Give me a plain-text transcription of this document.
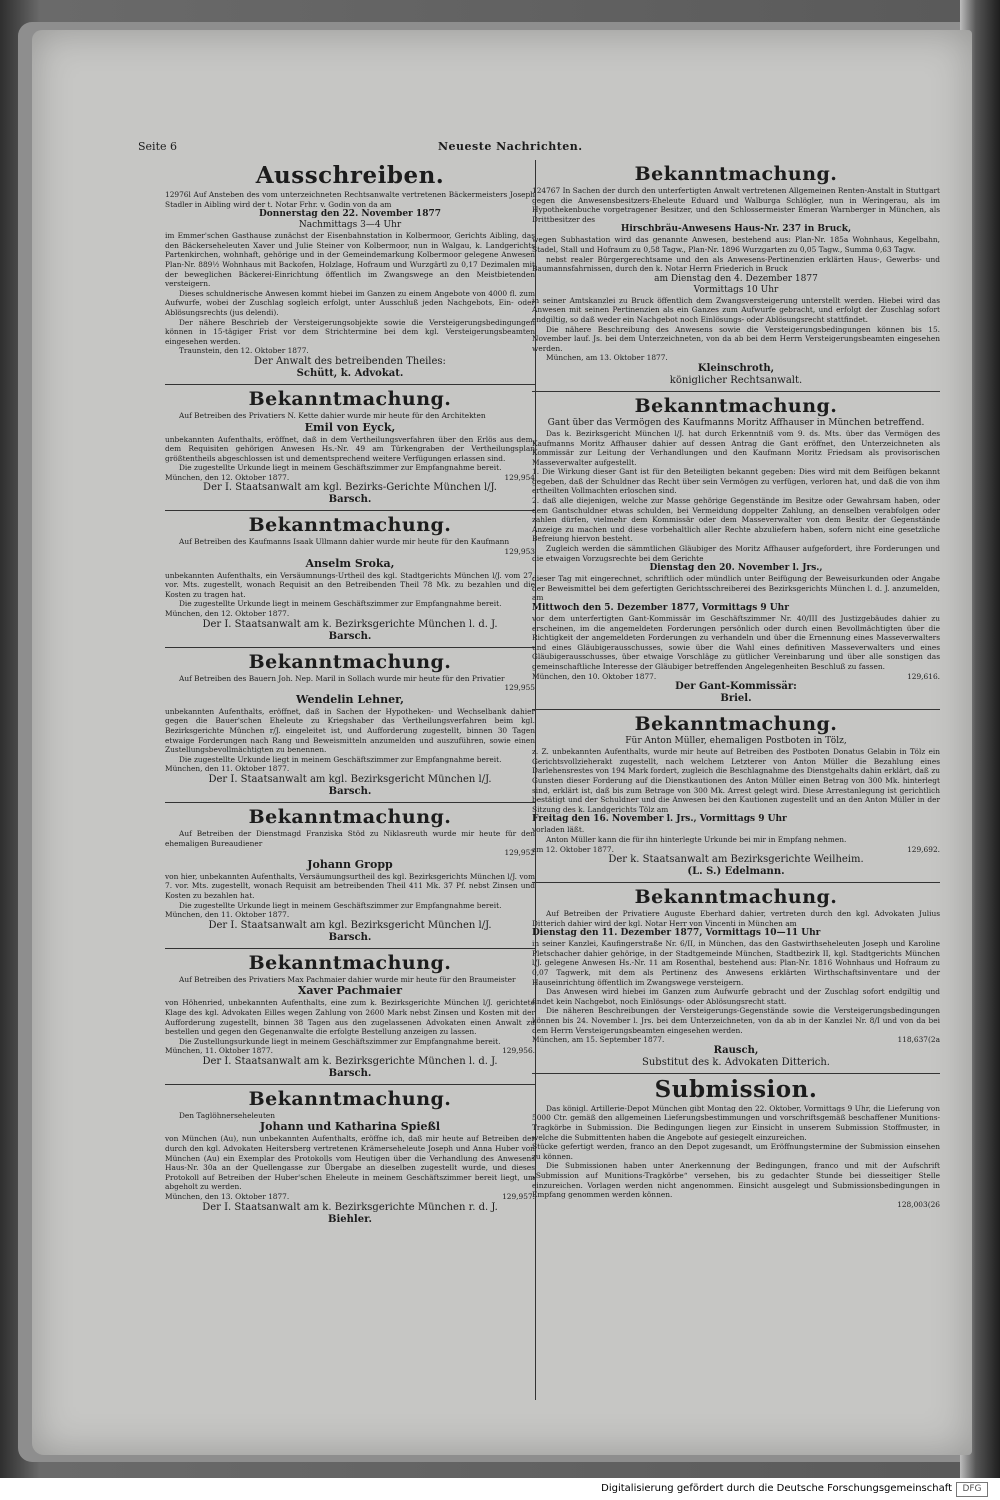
Seite 6	Neueste Nachrichten.
Ausschreiben.

12976l Auf Ansteben des vom unterzeichneten Rechtsanwalte vertretenen Bäckermeisters Joseph Stadler in Aibling wird der t. Notar Frhr. v. Godin von da am

Donnerstag den 22. November 1877

Nachmittags 3—4 Uhr

im Emmer'schen Gasthause zunächst der Eisenbahnstation in Kolbermoor, Gerichts Aibling, das den Bäckerseheleuten Xaver und Julie Steiner von Kolbermoor, nun in Walgau, k. Landgerichts Partenkirchen, wohnhaft, gehörige und in der Gemeindemarkung Kolbermoor gelegene Anwesen Plan-Nr. 889½ Wohnhaus mit Backofen, Holzlage, Hofraum und Wurzgärtl zu 0,17 Dezimalen mit der beweglichen Bäckerei-Einrichtung öffentlich im Zwangswege an den Meistbietenden versteigern.

Dieses schuldnerische Anwesen kommt hiebei im Ganzen zu einem Angebote von 4000 fl. zum Aufwurfe, wobei der Zuschlag sogleich erfolgt, unter Ausschluß jeden Nachgebots, Ein- oder Ablösungsrechts (jus delendi).

Der nähere Beschrieb der Versteigerungsobjekte sowie die Versteigerungsbedingungen können in 15-tägiger Frist vor dem Strichtermine bei dem kgl. Versteigerungsbeamten eingesehen werden.

Traunstein, den 12. Oktober 1877.

Der Anwalt des betreibenden Theiles:
Schütt, k. Advokat.
Bekanntmachung.

Auf Betreiben des Privatiers N. Kette dahier wurde mir heute für den Architekten

Emil von Eyck,

unbekannten Aufenthalts, eröffnet, daß in dem Vertheilungsverfahren über den Erlös aus dem, dem Requisiten gehörigen Anwesen Hs.-Nr. 49 am Türkengraben der Vertheilungsplan größtentheils abgeschlossen ist und dementsprechend weitere Verfügungen erlassen sind.

Die zugestellte Urkunde liegt in meinem Geschäftszimmer zur Empfangnahme bereit.

München, den 12. Oktober 1877.	129,954
Der I. Staatsanwalt am kgl. Bezirks-Gerichte München l/J.
Barsch.
Bekanntmachung.

Auf Betreiben des Kaufmanns Isaak Ullmann dahier wurde mir heute für den Kaufmann

129,953
Anselm Sroka,

unbekannten Aufenthalts, ein Versäumnungs-Urtheil des kgl. Stadtgerichts München l/J. vom 27. vor. Mts. zugestellt, wonach Requisit an den Betreibenden Theil 78 Mk. zu bezahlen und die Kosten zu tragen hat.

Die zugestellte Urkunde liegt in meinem Geschäftszimmer zur Empfangnahme bereit.

München, den 12. Oktober 1877.
Der I. Staatsanwalt am k. Bezirksgerichte München l. d. J.
Barsch.
Bekanntmachung.

Auf Betreiben des Bauern Joh. Nep. Maril in Sollach wurde mir heute für den Privatier

129,955
Wendelin Lehner,

unbekannten Aufenthalts, eröffnet, daß in Sachen der Hypotheken- und Wechselbank dahier gegen die Bauer'schen Eheleute zu Kriegshaber das Vertheilungsverfahren beim kgl. Bezirksgerichte München r/J. eingeleitet ist, und Aufforderung zugestellt, binnen 30 Tagen etwaige Forderungen nach Rang und Beweismitteln anzumelden und auszuführen, sowie einen Zustellungsbevollmächtigten zu benennen.

Die zugestellte Urkunde liegt in meinem Geschäftszimmer zur Empfangnahme bereit.

München, den 11. Oktober 1877.
Der I. Staatsanwalt am kgl. Bezirksgericht München l/J.
Barsch.
Bekanntmachung.

Auf Betreiben der Dienstmagd Franziska Stöd zu Niklasreuth wurde mir heute für den ehemaligen Bureaudiener

129,952
Johann Gropp

von hier, unbekannten Aufenthalts, Versäumungsurtheil des kgl. Bezirksgerichts München l/J. vom 7. vor. Mts. zugestellt, wonach Requisit am betreibenden Theil 411 Mk. 37 Pf. nebst Zinsen und Kosten zu bezahlen hat.

Die zugestellte Urkunde liegt in meinem Geschäftszimmer zur Empfangnahme bereit.

München, den 11. Oktober 1877.
Der I. Staatsanwalt am kgl. Bezirksgericht München l/J.
Barsch.
Bekanntmachung.

Auf Betreiben des Privatiers Max Pachmaier dahier wurde mir heute für den Braumeister

Xaver Pachmaier

von Höhenried, unbekannten Aufenthalts, eine zum k. Bezirksgerichte München l/J. gerichtete Klage des kgl. Advokaten Eilles wegen Zahlung von 2600 Mark nebst Zinsen und Kosten mit der Aufforderung zugestellt, binnen 38 Tagen aus den zugelassenen Advokaten einen Anwalt zu bestellen und gegen den Gegenanwalte die erfolgte Bestellung anzeigen zu lassen.

Die Zustellungsurkunde liegt in meinem Geschäftszimmer zur Empfangnahme bereit.

München, 11. Oktober 1877.	129,956.
Der I. Staatsanwalt am k. Bezirksgerichte München l. d. J.
Barsch.
Bekanntmachung.

Den Taglöhnerseheleuten

Johann und Katharina Spießl

von München (Au), nun unbekannten Aufenthalts, eröffne ich, daß mir heute auf Betreiben der durch den kgl. Advokaten Heitersberg vertretenen Krämerseheleute Joseph und Anna Huber von München (Au) ein Exemplar des Protokolls vom Heutigen über die Verhandlung des Anwesens Haus-Nr. 30a an der Quellengasse zur Übergabe an dieselben zugestellt wurde, und dieses Protokoll auf Betreiben der Huber'schen Eheleute in meinem Geschäftszimmer bereit liegt, um abgeholt zu werden.

München, den 13. Oktober 1877.	129,957.
Der I. Staatsanwalt am k. Bezirksgerichte München r. d. J.
Biehler.
Bekanntmachung.

124767 In Sachen der durch den unterfertigten Anwalt vertretenen Allgemeinen Renten-Anstalt in Stuttgart gegen die Anwesensbesitzers-Eheleute Eduard und Walburga Schlögler, nun in Weringerau, als im Hypothekenbuche vorgetragener Besitzer, und den Schlossermeister Emeran Warnberger in München, als Drittbesitzer des

Hirschbräu-Anwesens Haus-Nr. 237 in Bruck,

wegen Subhastation wird das genannte Anwesen, bestehend aus: Plan-Nr. 185a Wohnhaus, Kegelbahn, Stadel, Stall und Hofraum zu 0,58 Tagw., Plan-Nr. 1896 Wurzgarten zu 0,05 Tagw., Summa 0,63 Tagw.

nebst realer Bürgergerechtsame und den als Anwesens-Pertinenzien erklärten Haus-, Gewerbs- und Baumannsfahrnissen, durch den k. Notar Herrn Friederich in Bruck

am Dienstag den 4. Dezember 1877

Vormittags 10 Uhr

in seiner Amtskanzlei zu Bruck öffentlich dem Zwangsversteigerung unterstellt werden. Hiebei wird das Anwesen mit seinen Pertinenzien als ein Ganzes zum Aufwurfe gebracht, und erfolgt der Zuschlag sofort endgiltig, so daß weder ein Nachgebot noch Einlösungs- oder Ablösungsrecht stattfindet.

Die nähere Beschreibung des Anwesens sowie die Versteigerungsbedingungen können bis 15. November lauf. Js. bei dem Unterzeichneten, von da ab bei dem Herrn Versteigerungsbeamten eingesehen werden.

München, am 13. Oktober 1877.

Kleinschroth,
königlicher Rechtsanwalt.
Bekanntmachung.

Gant über das Vermögen des Kaufmanns Moritz Affhauser in München betreffend.

Das k. Bezirksgericht München l/J. hat durch Erkenntniß vom 9. ds. Mts. über das Vermögen des Kaufmanns Moritz Affhauser dahier auf dessen Antrag die Gant eröffnet, den Unterzeichneten als Kommissär zur Leitung der Verhandlungen und den Kaufmann Moritz Friedsam als provisorischen Masseverwalter aufgestellt.

1. Die Wirkung dieser Gant ist für den Beteiligten bekannt gegeben: Dies wird mit dem Beifügen bekannt gegeben, daß der Schuldner das Recht über sein Vermögen zu verfügen, verloren hat, und daß die von ihm ertheilten Vollmachten erloschen sind.

2. daß alle diejenigen, welche zur Masse gehörige Gegenstände im Besitze oder Gewahrsam haben, oder dem Gantschuldner etwas schulden, bei Vermeidung doppelter Zahlung, an denselben verabfolgen oder zahlen dürfen, vielmehr dem Kommissär oder dem Masseverwalter von dem Besitz der Gegenstände Anzeige zu machen und diese vorbehaltlich aller Rechte abzuliefern haben, sofern nicht eine gesetzliche Befreiung hiervon besteht.

Zugleich werden die sämmtlichen Gläubiger des Moritz Affhauser aufgefordert, ihre Forderungen und die etwaigen Vorzugsrechte bei dem Gerichte

Dienstag den 20. November l. Jrs.,

dieser Tag mit eingerechnet, schriftlich oder mündlich unter Beifügung der Beweisurkunden oder Angabe der Beweismittel bei dem gefertigten Gerichtsschreiberei des Bezirksgerichts München l. d. J. anzumelden, am

Mittwoch den 5. Dezember 1877, Vormittags 9 Uhr

vor dem unterfertigten Gant-Kommissär im Geschäftszimmer Nr. 40/III des Justizgebäudes dahier zu erscheinen, im die angemeldeten Forderungen persönlich oder durch einen Bevollmächtigten über die Richtigkeit der angemeldeten Forderungen zu verhandeln und über die Ernennung eines Masseverwalters und eines Gläubigerausschusses, sowie über die Wahl eines definitiven Masseverwalters und eines Gläubigerausschusses, über etwaige Vorschläge zu gütlicher Vereinbarung und über alle sonstigen das gemeinschaftliche Interesse der Gläubiger betreffenden Angelegenheiten Beschluß zu fassen.

München, den 10. Oktober 1877.	129,616.
Der Gant-Kommissär:
Briel.
Bekanntmachung.

Für Anton Müller, ehemaligen Postboten in Tölz,

z. Z. unbekannten Aufenthalts, wurde mir heute auf Betreiben des Postboten Donatus Gelabin in Tölz ein Gerichtsvollzieherakt zugestellt, nach welchem Letzterer von Anton Müller die Bezahlung eines Darlehensrestes von 194 Mark fordert, zugleich die Beschlagnahme des Dienstgehalts dahin erklärt, daß zu Gunsten dieser Forderung auf die Dienstkautionen des Anton Müller einen Betrag von 300 Mk. hinterlegt sind, erklärt ist, daß bis zum Betrage von 300 Mk. Arrest gelegt wird. Diese Arrestanlegung ist gerichtlich bestätigt und der Schuldner und die Anwesen bei den Kautionen zugestellt und an den Anton Müller in der Sitzung des k. Landgerichts Tölz am

Freitag den 16. November l. Jrs., Vormittags 9 Uhr

vorladen läßt.

Anton Müller kann die für ihn hinterlegte Urkunde bei mir in Empfang nehmen.

am 12. Oktober 1877.	129,692.
Der k. Staatsanwalt am Bezirksgerichte Weilheim.
(L. S.) Edelmann.
Bekanntmachung.

Auf Betreiben der Privatiere Auguste Eberhard dahier, vertreten durch den kgl. Advokaten Julius Ditterich dahier wird der kgl. Notar Herr von Vincenti in München am

Dienstag den 11. Dezember 1877, Vormittags 10—11 Uhr

in seiner Kanzlei, Kaufingerstraße Nr. 6/II, in München, das den Gastwirthseheleuten Joseph und Karoline Pletschacher dahier gehörige, in der Stadtgemeinde München, Stadtbezirk II, kgl. Stadtgerichts München l/J. gelegene Anwesen Hs.-Nr. 11 am Rosenthal, bestehend aus: Plan-Nr. 1816 Wohnhaus und Hofraum zu 0,07 Tagwerk, mit dem als Pertinenz des Anwesens erklärten Wirthschaftsinventare und der Hauseinrichtung öffentlich im Zwangswege versteigern.

Das Anwesen wird hiebei im Ganzen zum Aufwurfe gebracht und der Zuschlag sofort endgiltig und findet kein Nachgebot, noch Einlösungs- oder Ablösungsrecht statt.

Die näheren Beschreibungen der Versteigerungs-Gegenstände sowie die Versteigerungsbedingungen können bis 24. November l. Jrs. bei dem Unterzeichneten, von da ab in der Kanzlei Nr. 8/I und von da bei dem Herrn Versteigerungsbeamten eingesehen werden.

München, am 15. September 1877.	118,637(2a
Rausch,
Substitut des k. Advokaten Ditterich.
Submission.

Das königl. Artillerie-Depot München gibt Montag den 22. Oktober, Vormittags 9 Uhr, die Lieferung von 5000 Ctr. gemäß den allgemeinen Lieferungsbestimmungen und vorschriftsgemäß beschaffener Munitions-Tragkörbe in Submission. Die Bedingungen liegen zur Einsicht in unserem Submission Stoffmuster, in welche die Submittenten haben die Angebote auf gesiegelt einzureichen.

Stücke gefertigt werden, franco an den Depot zugesandt, um Eröffnungstermine der Submission einsehen zu können.

Die Submissionen haben unter Anerkennung der Bedingungen, franco und mit der Aufschrift „Submission auf Munitions-Tragkörbe“ versehen, bis zu gedachter Stunde bei diesseitiger Stelle einzureichen. Vorlagen werden nicht angenommen. Einsicht ausgelegt und Submissionsbedingungen in Empfang genommen werden können.

128,003(26
Digitalisierung gefördert durch die Deutsche Forschungsgemeinschaft	DFG
